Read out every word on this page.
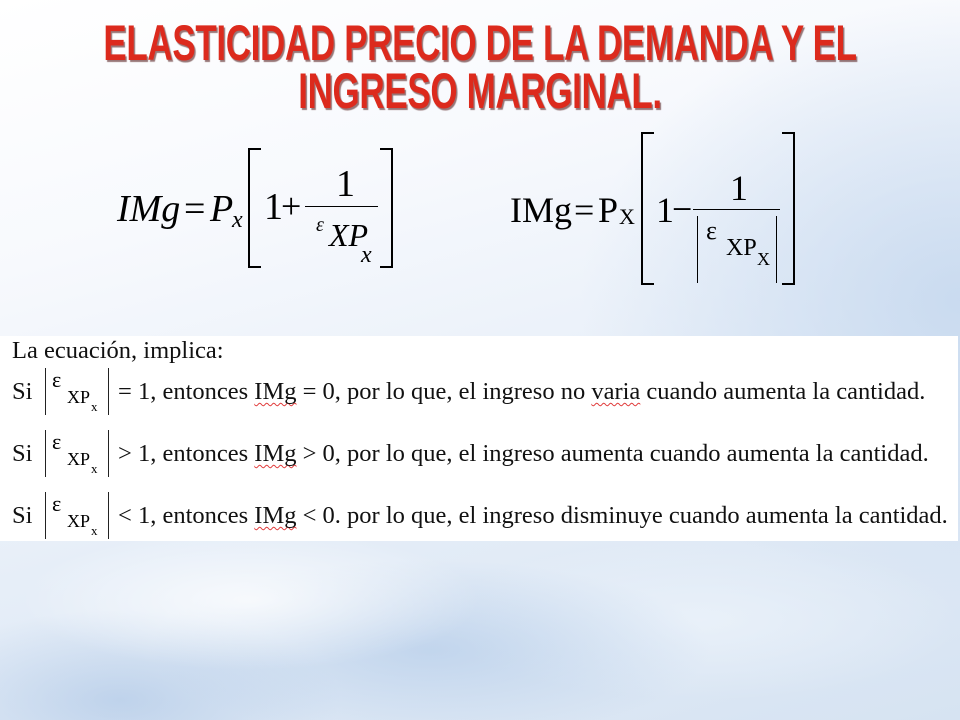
ELASTICIDAD PRECIO DE LA DEMANDA Y EL
INGRESO MARGINAL.
IMg = P
x 1
+
1
ε XP
x
IMg = P X 1
−
1
ε
XP X
La ecuación, implica:
Si ε
XP x
= 1, entonces IMg = 0, por lo que, el ingreso no varia cuando aumenta la cantidad.
Si ε
XP x
> 1, entonces IMg > 0, por lo que, el ingreso aumenta cuando aumenta la cantidad.
Si ε
XP x
< 1, entonces IMg < 0. por lo que, el ingreso disminuye cuando aumenta la cantidad.
